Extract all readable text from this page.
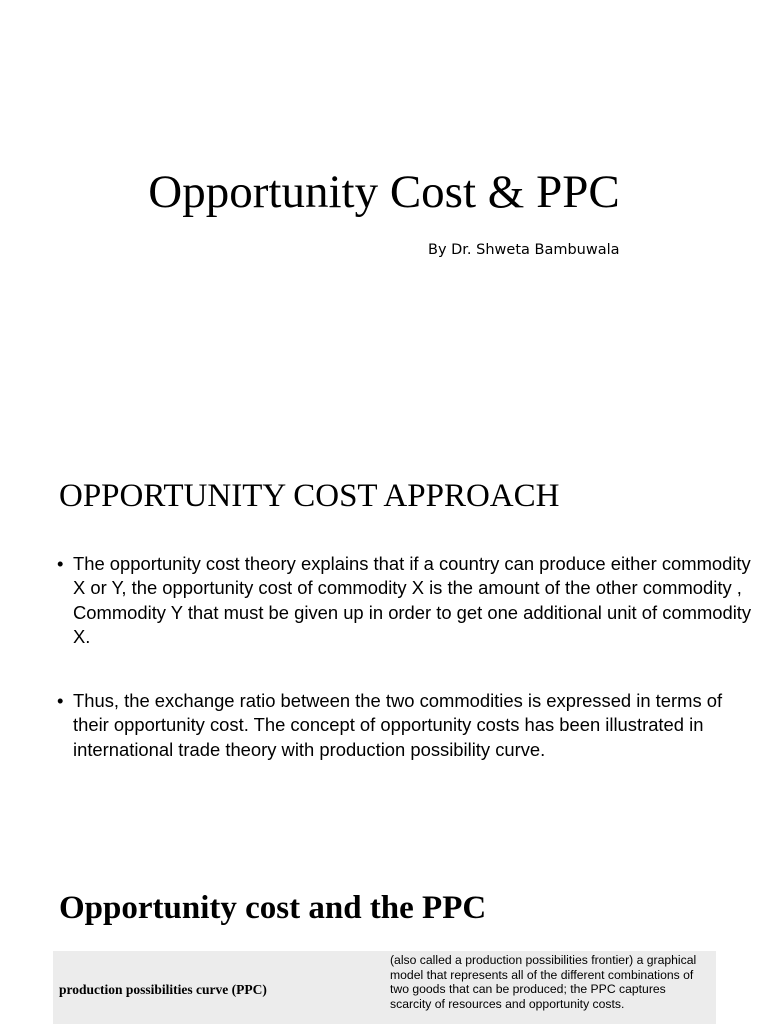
Opportunity Cost & PPC
By Dr. Shweta Bambuwala
OPPORTUNITY COST APPROACH
• The opportunity cost theory explains that if a country can produce either commodity X or Y, the opportunity cost of commodity X is the amount of the other commodity , Commodity Y that must be given up in order to get one additional unit of commodity X.
• Thus, the exchange ratio between the two commodities is expressed in terms of their opportunity cost. The concept of opportunity costs has been illustrated in international trade theory with production possibility curve.
Opportunity cost and the PPC
production possibilities curve (PPC)
(also called a production possibilities frontier) a graphical model that represents all of the different combinations of two goods that can be produced; the PPC captures scarcity of resources and opportunity costs.
